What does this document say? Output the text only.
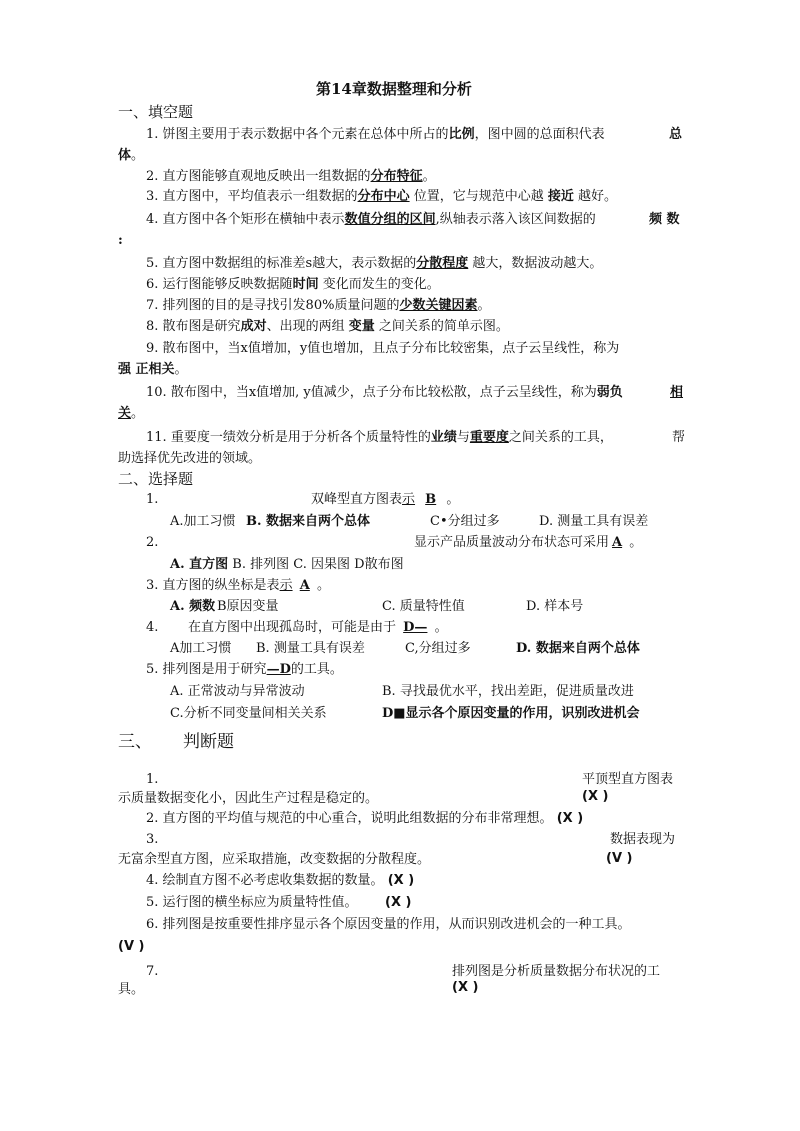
第14章数据整理和分析
一、填空题
1. 饼图主要用于表示数据中各个元素在总体中所占的比例，图中圆的总面积代表	总
体。
2. 直方图能够直观地反映出一组数据的分布特征。
3. 直方图中，平均值表示一组数据的分布中心 位置，它与规范中心越 接近 越好。
4. 直方图中各个矩形在横轴中表示数值分组的区间,纵轴表示落入该区间数据的	频 数
:
5. 直方图中数据组的标准差s越大，表示数据的分散程度 越大，数据波动越大。
6. 运行图能够反映数据随时间 变化而发生的变化。
7. 排列图的目的是寻找引发80%质量问题的少数关键因素。
8. 散布图是研究成对、出现的两组 变量 之间关系的简单示图。
9. 散布图中，当x值增加，y值也增加，且点子分布比较密集，点子云呈线性，称为
强 正相关。
10. 散布图中，当x值增加, y值减少，点子分布比较松散，点子云呈线性，称为弱负	相
关。
11. 重要度一绩效分析是用于分析各个质量特性的业绩与重要度之间关系的工具，	帮
助选择优先改进的领域。
二、选择题
1.	双峰型直方图表示 B 。
A.加工习惯 B. 数据来自两个总体	C•分组过多	D. 测量工具有误差
2.	显示产品质量波动分布状态可采用 A 。
A. 直方图 B. 排列图 C. 因果图 D散布图
3. 直方图的纵坐标是表示 A 。
A. 频数 B原因变量	C. 质量特性值	D. 样本号
4. 在直方图中出现孤岛时，可能是由于 D— 。
A加工习惯 B. 测量工具有误差	C,分组过多	D. 数据来自两个总体
5. 排列图是用于研究—D的工具。
A. 正常波动与异常波动	B. 寻找最优水平，找出差距，促进质量改进
C.分析不同变量间相关关系	D■显示各个原因变量的作用，识别改进机会
三、 判断题
1.	平顶型直方图表
示质量数据变化小，因此生产过程是稳定的。	(X )
2. 直方图的平均值与规范的中心重合，说明此组数据的分布非常理想。 (X )
3.	数据表现为
无富余型直方图，应采取措施，改变数据的分散程度。	(V )
4. 绘制直方图不必考虑收集数据的数量。 (X )
5. 运行图的横坐标应为质量特性值。 (X )
6. 排列图是按重要性排序显示各个原因变量的作用，从而识别改进机会的一种工具。
(V )
7.	排列图是分析质量数据分布状况的工
具。	(X )
